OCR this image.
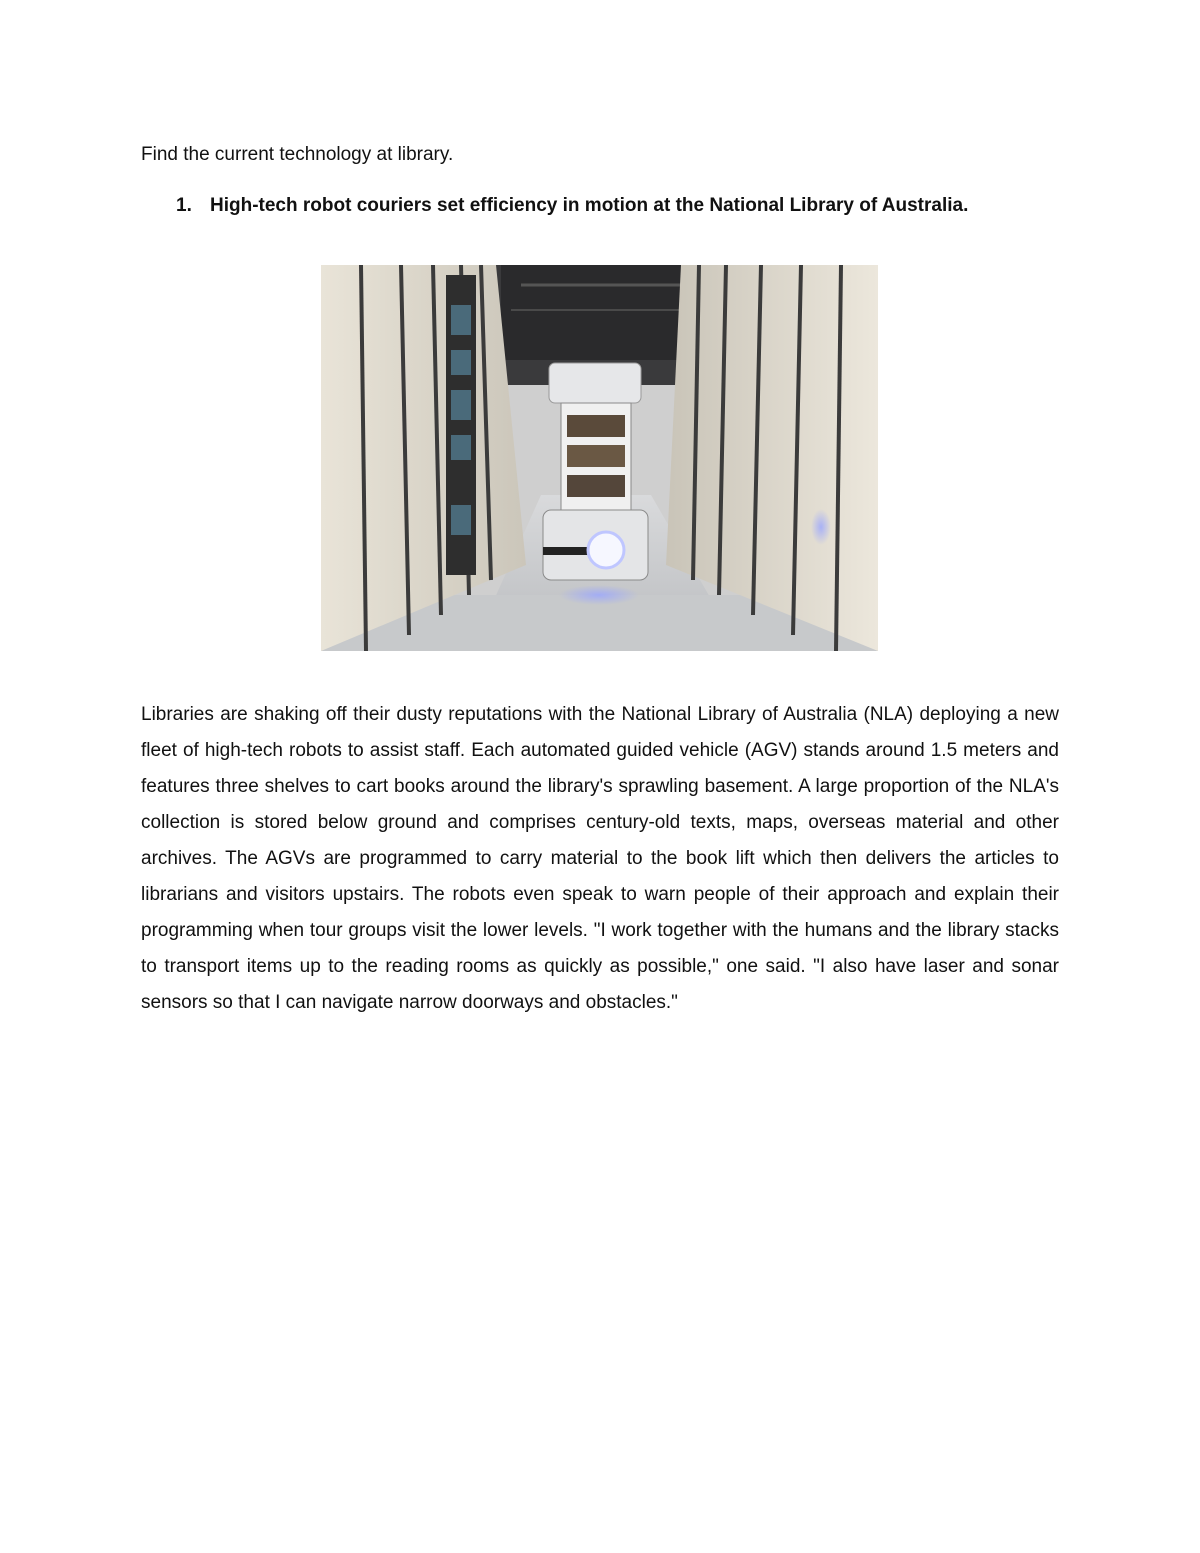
Find the current technology at library.
1. High-tech robot couriers set efficiency in motion at the National Library of Australia.
Libraries are shaking off their dusty reputations with the National Library of Australia (NLA) deploying a new fleet of high-tech robots to assist staff. Each automated guided vehicle (AGV) stands around 1.5 meters and features three shelves to cart books around the library's sprawling basement. A large proportion of the NLA's collection is stored below ground and comprises century-old texts, maps, overseas material and other archives. The AGVs are programmed to carry material to the book lift which then delivers the articles to librarians and visitors upstairs. The robots even speak to warn people of their approach and explain their programming when tour groups visit the lower levels. "I work together with the humans and the library stacks to transport items up to the reading rooms as quickly as possible," one said. "I also have laser and sonar sensors so that I can navigate narrow doorways and obstacles."
